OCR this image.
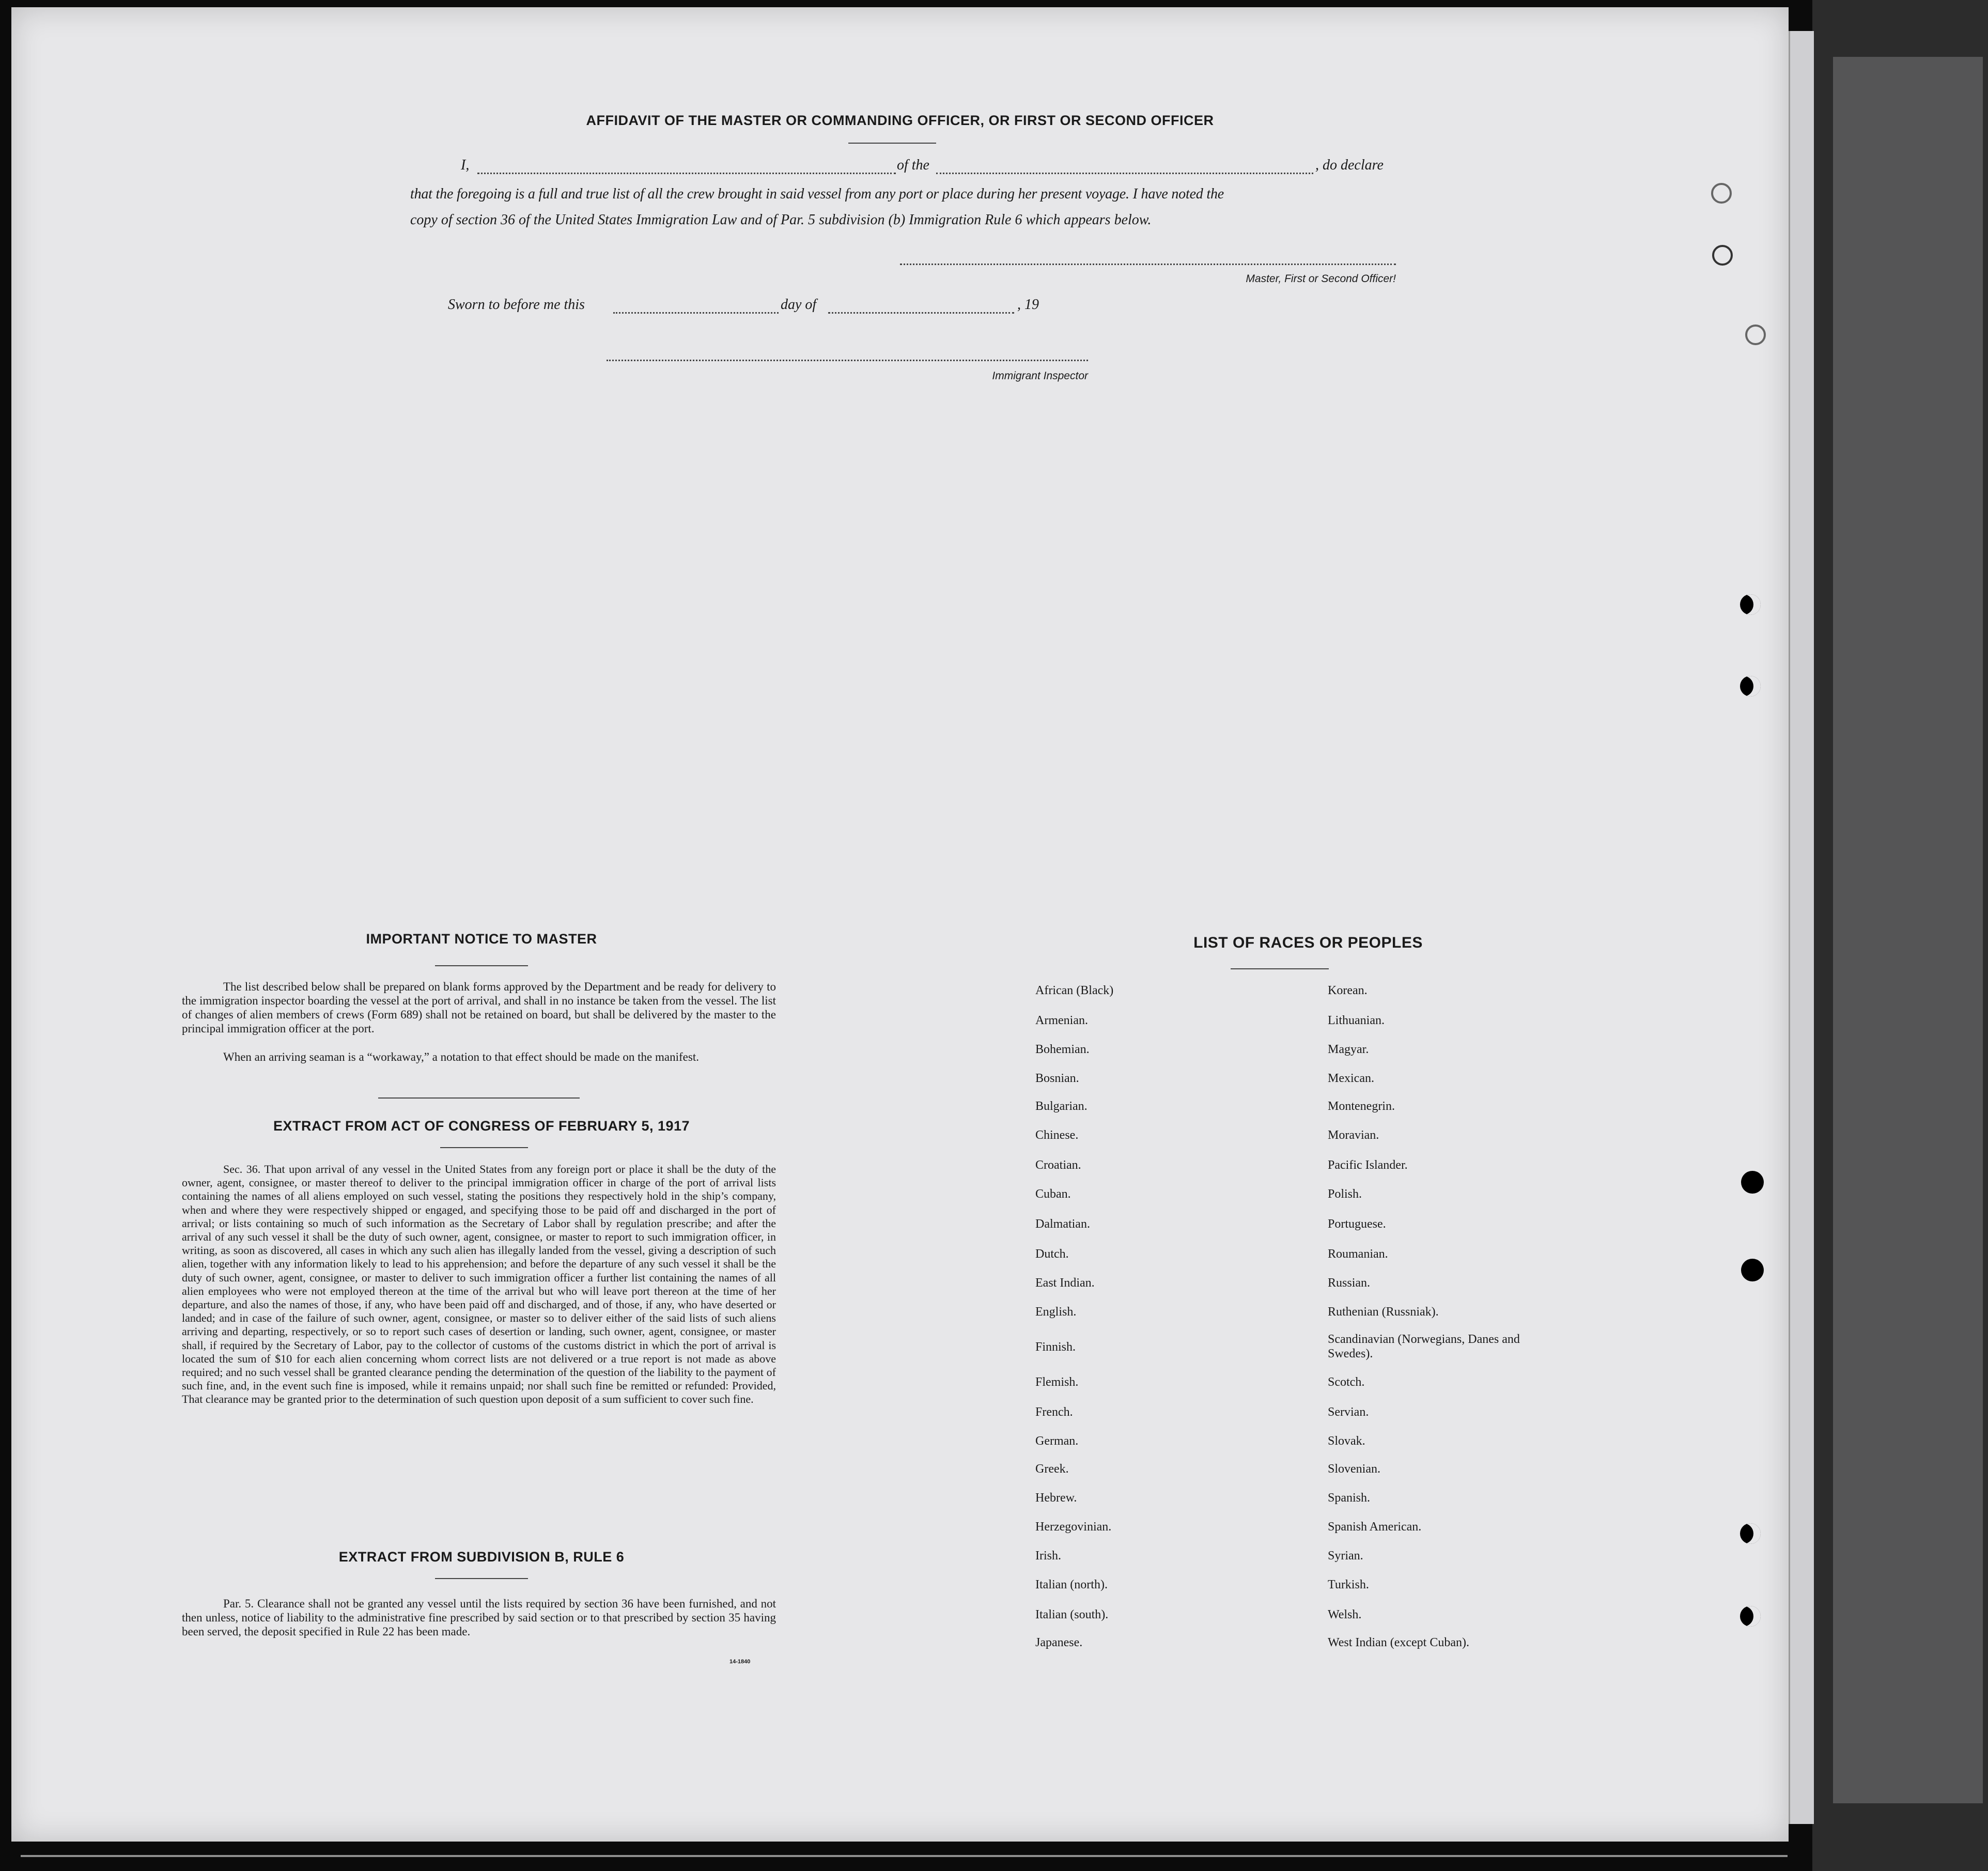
AFFIDAVIT OF THE MASTER OR COMMANDING OFFICER, OR FIRST OR SECOND OFFICER
I,	of the	, do declare
that the foregoing is a full and true list of all the crew brought in said vessel from any port or place during her present voyage. I have noted the
copy of section 36 of the United States Immigration Law and of Par. 5 subdivision (b) Immigration Rule 6 which appears below.
Master, First or Second Officer!
Sworn to before me this	day of	, 19
Immigrant Inspector
IMPORTANT NOTICE TO MASTER
The list described below shall be prepared on blank forms approved by the Department and be ready for delivery to the immigration inspector boarding the vessel at the port of arrival, and shall in no instance be taken from the vessel. The list of changes of alien members of crews (Form 689) shall not be retained on board, but shall be delivered by the master to the principal immigration officer at the port.
When an arriving seaman is a “workaway,” a notation to that effect should be made on the manifest.
EXTRACT FROM ACT OF CONGRESS OF FEBRUARY 5, 1917
Sec. 36. That upon arrival of any vessel in the United States from any foreign port or place it shall be the duty of the owner, agent, consignee, or master thereof to deliver to the principal immigration officer in charge of the port of arrival lists containing the names of all aliens employed on such vessel, stating the positions they respectively hold in the ship’s company, when and where they were respectively shipped or engaged, and specifying those to be paid off and discharged in the port of arrival; or lists containing so much of such information as the Secretary of Labor shall by regulation prescribe; and after the arrival of any such vessel it shall be the duty of such owner, agent, consignee, or master to report to such immigration officer, in writing, as soon as discovered, all cases in which any such alien has illegally landed from the vessel, giving a description of such alien, together with any information likely to lead to his apprehension; and before the departure of any such vessel it shall be the duty of such owner, agent, consignee, or master to deliver to such immigration officer a further list containing the names of all alien employees who were not employed thereon at the time of the arrival but who will leave port thereon at the time of her departure, and also the names of those, if any, who have been paid off and discharged, and of those, if any, who have deserted or landed; and in case of the failure of such owner, agent, consignee, or master so to deliver either of the said lists of such aliens arriving and departing, respectively, or so to report such cases of desertion or landing, such owner, agent, consignee, or master shall, if required by the Secretary of Labor, pay to the collector of customs of the customs district in which the port of arrival is located the sum of $10 for each alien concerning whom correct lists are not delivered or a true report is not made as above required; and no such vessel shall be granted clearance pending the determination of the question of the liability to the payment of such fine, and, in the event such fine is imposed, while it remains unpaid; nor shall such fine be remitted or refunded: Provided, That clearance may be granted prior to the determination of such question upon deposit of a sum sufficient to cover such fine.
EXTRACT FROM SUBDIVISION B, RULE 6
Par. 5. Clearance shall not be granted any vessel until the lists required by section 36 have been furnished, and not then unless, notice of liability to the administrative fine prescribed by said section or to that prescribed by section 35 having been served, the deposit specified in Rule 22 has been made.
14-1840
LIST OF RACES OR PEOPLES
African (Black)
Armenian.
Bohemian.
Bosnian.
Bulgarian.
Chinese.
Croatian.
Cuban.
Dalmatian.
Dutch.
East Indian.
English.
Finnish.
Flemish.
French.
German.
Greek.
Hebrew.
Herzegovinian.
Irish.
Italian (north).
Italian (south).
Japanese.
Korean.
Lithuanian.
Magyar.
Mexican.
Montenegrin.
Moravian.
Pacific Islander.
Polish.
Portuguese.
Roumanian.
Russian.
Ruthenian (Russniak).
Scandinavian (Norwegians, Danes and Swedes).
Scotch.
Servian.
Slovak.
Slovenian.
Spanish.
Spanish American.
Syrian.
Turkish.
Welsh.
West Indian (except Cuban).
